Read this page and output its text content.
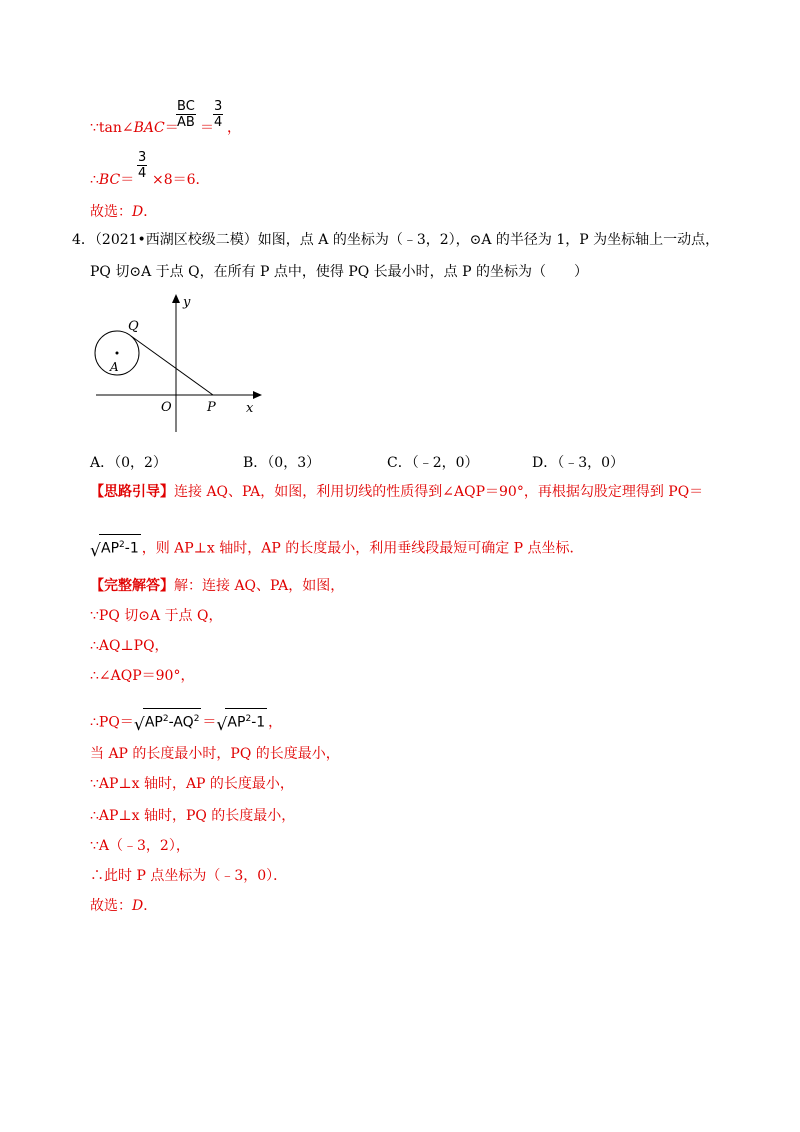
∵tan∠BAC＝
$\frac{BC}{AB} = \frac{3}{4}$ ，
∴BC＝ $\frac{3}{4} \times 8=6$．
故选：D．
4．（2021•西湖区校级二模）如图，点 A 的坐标为（﹣3，2），⊙A 的半径为 1，P 为坐标轴上一动点，
PQ 切⊙A 于点 Q，在所有 P 点中，使得 PQ 长最小时，点 P 的坐标为（　　）
y
x
O	P
Q
A
A．（0，2）	B．（0，3）	C．（﹣2，0）	D．（﹣3，0）
【思路引导】连接 AQ、PA，如图，利用切线的性质得到∠AQP＝90°，再根据勾股定理得到 PQ＝
√ $AP^2-1$ ，则 AP⊥x 轴时，AP 的长度最小，利用垂线段最短可确定 P 点坐标．
【完整解答】解：连接 AQ、PA，如图，
∵PQ 切⊙A 于点 Q，
∴AQ⊥PQ，
∴∠AQP＝90°，
∴PQ＝ √ $AP^2-AQ^2$ ＝ √ $AP^2-1$ ，
当 AP 的长度最小时，PQ 的长度最小，
∵AP⊥x 轴时，AP 的长度最小，
∴AP⊥x 轴时，PQ 的长度最小，
∵A（﹣3，2），
∴此时 P 点坐标为（﹣3，0）．
故选：D．
